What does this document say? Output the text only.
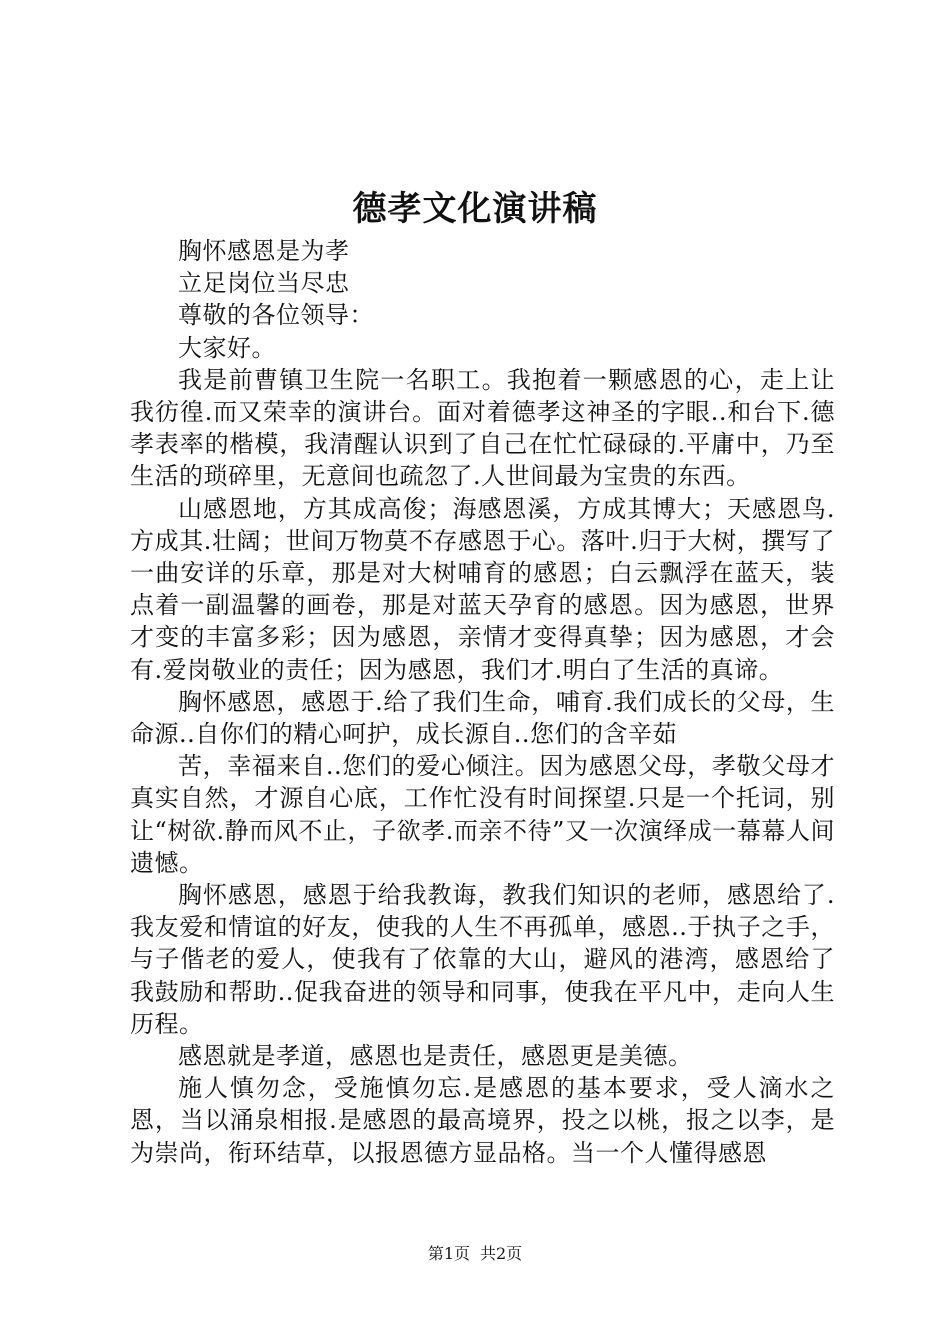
德孝文化演讲稿

胸怀感恩是为孝

立足岗位当尽忠

尊敬的各位领导：

大家好。

我是前曹镇卫生院一名职工。我抱着一颗感恩的心，走上让我彷徨.而又荣幸的演讲台。面对着德孝这神圣的字眼..和台下.德孝表率的楷模，我清醒认识到了自己在忙忙碌碌的.平庸中，乃至生活的琐碎里，无意间也疏忽了.人世间最为宝贵的东西。

山感恩地，方其成高俊；海感恩溪，方成其博大；天感恩鸟.方成其.壮阔；世间万物莫不存感恩于心。落叶.归于大树，撰写了一曲安详的乐章，那是对大树哺育的感恩；白云飘浮在蓝天，装点着一副温馨的画卷，那是对蓝天孕育的感恩。因为感恩，世界才变的丰富多彩；因为感恩，亲情才变得真挚；因为感恩，才会有.爱岗敬业的责任；因为感恩，我们才.明白了生活的真谛。

胸怀感恩，感恩于.给了我们生命，哺育.我们成长的父母，生命源..自你们的精心呵护，成长源自..您们的含辛茹

苦，幸福来自..您们的爱心倾注。因为感恩父母，孝敬父母才真实自然，才源自心底，工作忙没有时间探望.只是一个托词，别让“树欲.静而风不止，子欲孝.而亲不待”又一次演绎成一幕幕人间遗憾。

胸怀感恩，感恩于给我教诲，教我们知识的老师，感恩给了.我友爱和情谊的好友，使我的人生不再孤单，感恩..于执子之手，与子偕老的爱人，使我有了依靠的大山，避风的港湾，感恩给了我鼓励和帮助..促我奋进的领导和同事，使我在平凡中，走向人生历程。

感恩就是孝道，感恩也是责任，感恩更是美德。

施人慎勿念，受施慎勿忘.是感恩的基本要求，受人滴水之恩，当以涌泉相报.是感恩的最高境界，投之以桃，报之以李，是为崇尚，衔环结草，以报恩德方显品格。当一个人懂得感恩

第1页 共2页
